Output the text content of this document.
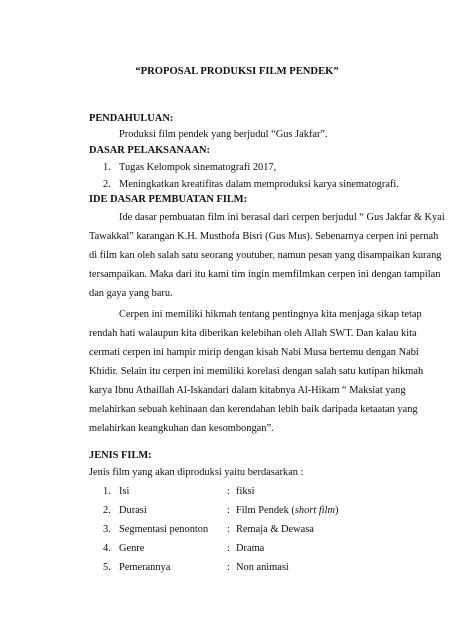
“PROPOSAL PRODUKSI FILM PENDEK”
PENDAHULUAN:
Produksi film pendek yang berjudul “Gus Jakfar”.
DASAR PELAKSANAAN:
1. Tugas Kelompok sinematografi 2017,
2. Meningkatkan kreatifitas dalam memproduksi karya sinematografi.
IDE DASAR PEMBUATAN FILM:
Ide dasar pembuatan film ini berasal dari cerpen berjudul “ Gus Jakfar & Kyai
Tawakkal” karangan K.H. Musthofa Bisri (Gus Mus). Sebenarnya cerpen ini pernah
di film kan oleh salah satu seorang youtuber, namun pesan yang disampaikan kurang
tersampaikan. Maka dari itu kami tim ingin memfilmkan cerpen ini dengan tampilan
dan gaya yang baru.
Cerpen ini memiliki hikmah tentang pentingnya kita menjaga sikap tetap
rendah hati walaupun kita diberikan kelebihan oleh Allah SWT. Dan kalau kita
cermati cerpen ini hampir mirip dengan kisah Nabi Musa bertemu dengan Nabi
Khidir. Selain itu cerpen ini memiliki korelasi dengan salah satu kutipan hikmah
karya Ibnu Athaillah Al-Iskandari dalam kitabnya Al-Hikam “ Maksiat yang
melahirkan sebuah kehinaan dan kerendahan lebih baik daripada ketaatan yang
melahirkan keangkuhan dan kesombongan”.
JENIS FILM:
Jenis film yang akan diproduksi yaitu berdasarkan :
1. Isi	: fiksi
2. Durasi	: Film Pendek (short film)
3. Segmentasi penonton : Remaja & Dewasa
4. Genre	: Drama
5. Pemerannya	: Non animasi
